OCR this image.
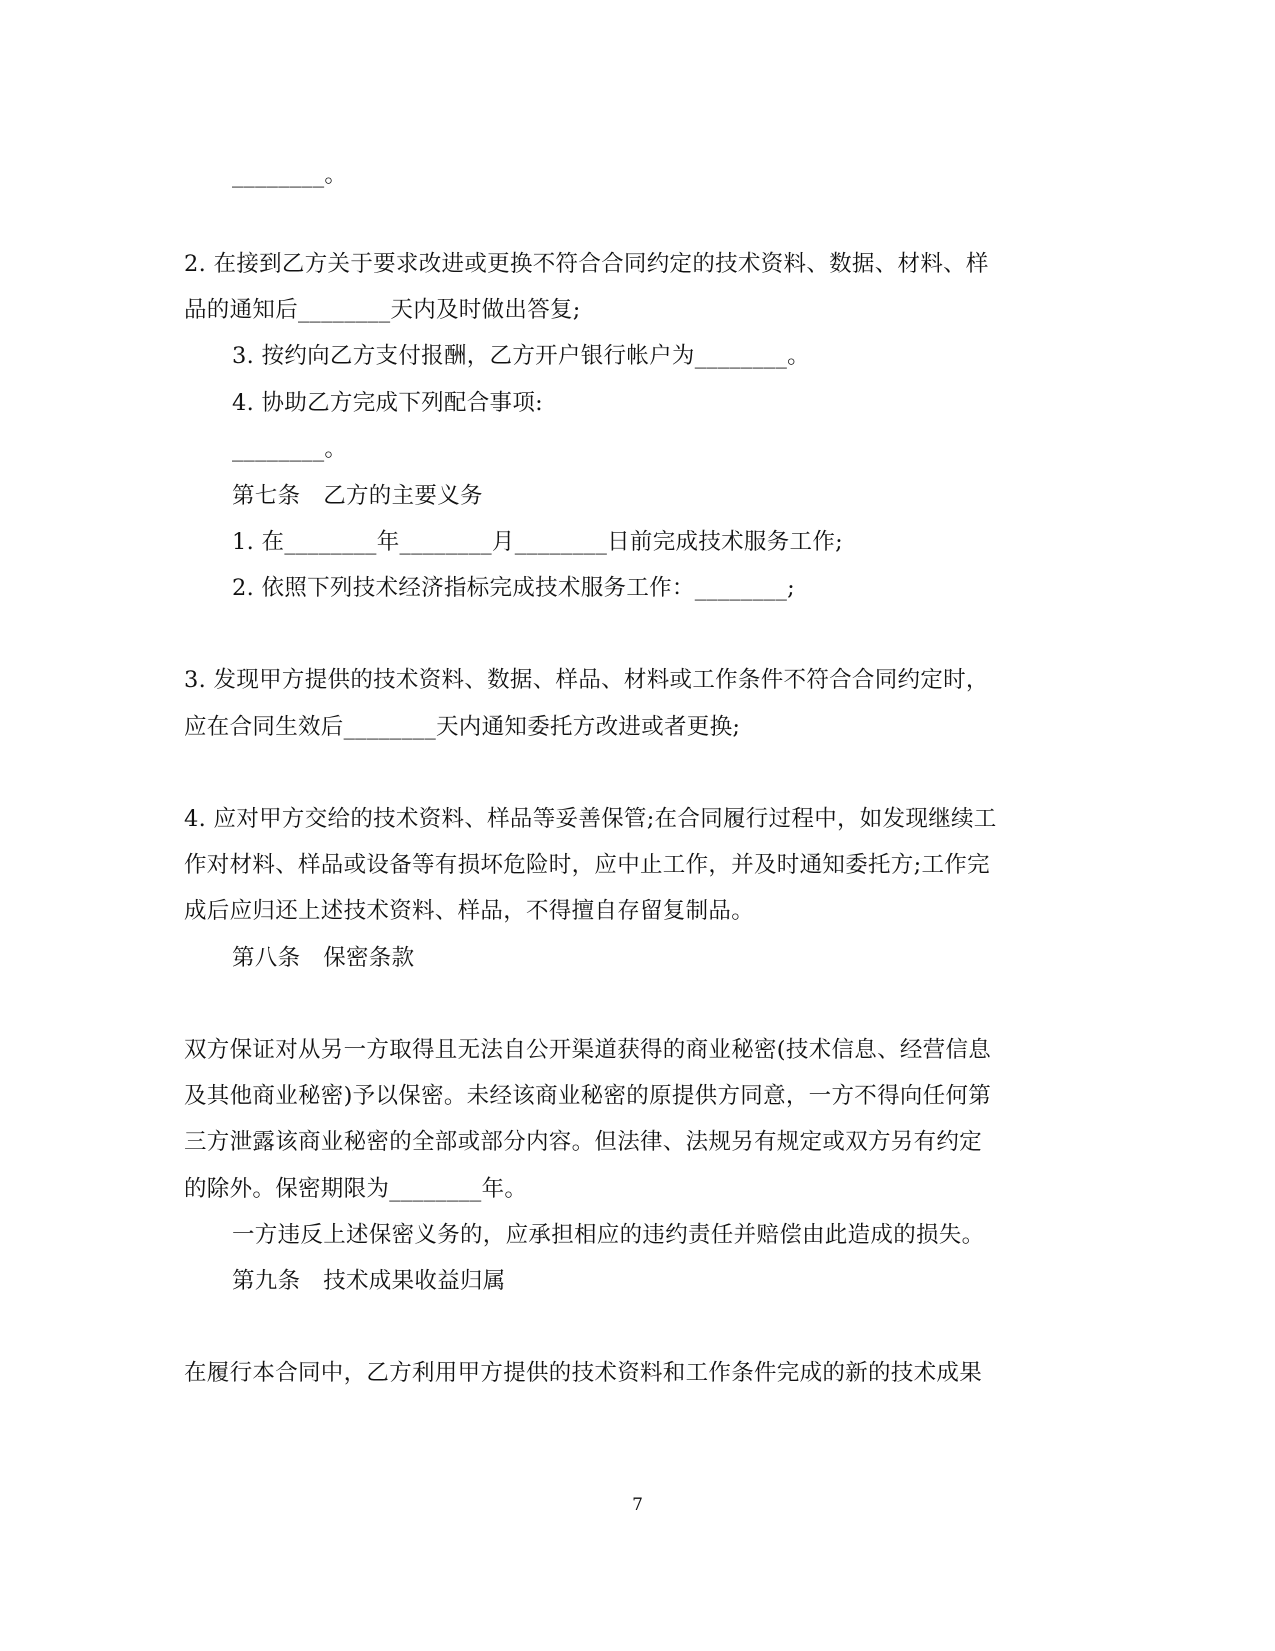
________。
2. 在接到乙方关于要求改进或更换不符合合同约定的技术资料、数据、材料、样
品的通知后________天内及时做出答复;
3. 按约向乙方支付报酬，乙方开户银行帐户为________。
4. 协助乙方完成下列配合事项:
________。
第七条　乙方的主要义务
1. 在________年________月________日前完成技术服务工作;
2. 依照下列技术经济指标完成技术服务工作：________;
3. 发现甲方提供的技术资料、数据、样品、材料或工作条件不符合合同约定时，
应在合同生效后________天内通知委托方改进或者更换;
4. 应对甲方交给的技术资料、样品等妥善保管;在合同履行过程中，如发现继续工
作对材料、样品或设备等有损坏危险时，应中止工作，并及时通知委托方;工作完
成后应归还上述技术资料、样品，不得擅自存留复制品。
第八条　保密条款
双方保证对从另一方取得且无法自公开渠道获得的商业秘密(技术信息、经营信息
及其他商业秘密)予以保密。未经该商业秘密的原提供方同意，一方不得向任何第
三方泄露该商业秘密的全部或部分内容。但法律、法规另有规定或双方另有约定
的除外。保密期限为________年。
一方违反上述保密义务的，应承担相应的违约责任并赔偿由此造成的损失。
第九条　技术成果收益归属
在履行本合同中，乙方利用甲方提供的技术资料和工作条件完成的新的技术成果
7
